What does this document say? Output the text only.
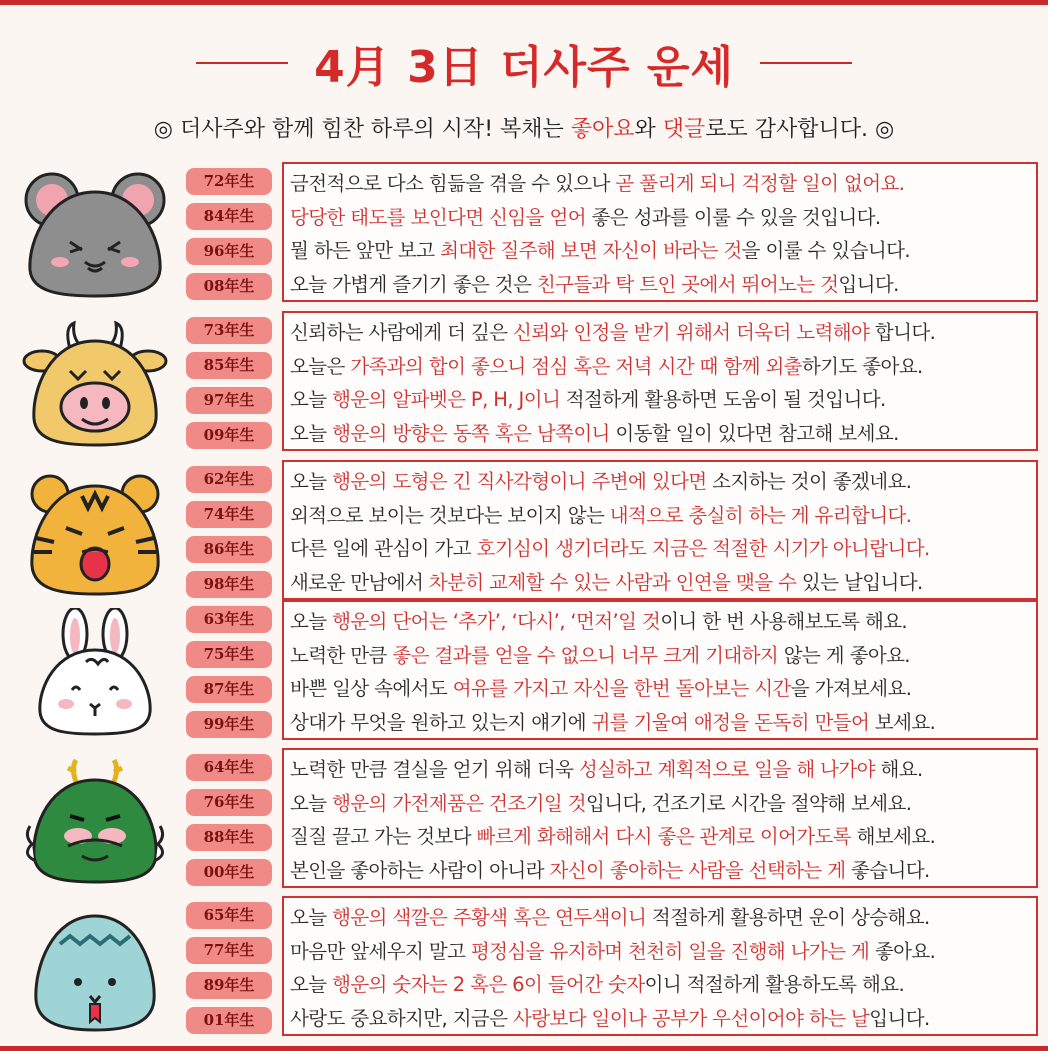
4月 3日 더사주 운세
◎ 더사주와 함께 힘찬 하루의 시작! 복채는 좋아요와 댓글로도 감사합니다. ◎
72年生
84年生
96年生
08年生
금전적으로 다소 힘듦을 겪을 수 있으나 곧 풀리게 되니 걱정할 일이 없어요.
당당한 태도를 보인다면 신임을 얻어 좋은 성과를 이룰 수 있을 것입니다.
뭘 하든 앞만 보고 최대한 질주해 보면 자신이 바라는 것을 이룰 수 있습니다.
오늘 가볍게 즐기기 좋은 것은 친구들과 탁 트인 곳에서 뛰어노는 것입니다.
73年生
85年生
97年生
09年生
신뢰하는 사람에게 더 깊은 신뢰와 인정을 받기 위해서 더욱더 노력해야 합니다.
오늘은 가족과의 합이 좋으니 점심 혹은 저녁 시간 때 함께 외출하기도 좋아요.
오늘 행운의 알파벳은 P, H, J이니 적절하게 활용하면 도움이 될 것입니다.
오늘 행운의 방향은 동쪽 혹은 남쪽이니 이동할 일이 있다면 참고해 보세요.
62年生
74年生
86年生
98年生
오늘 행운의 도형은 긴 직사각형이니 주변에 있다면 소지하는 것이 좋겠네요.
외적으로 보이는 것보다는 보이지 않는 내적으로 충실히 하는 게 유리합니다.
다른 일에 관심이 가고 호기심이 생기더라도 지금은 적절한 시기가 아니랍니다.
새로운 만남에서 차분히 교제할 수 있는 사람과 인연을 맺을 수 있는 날입니다.
63年生
75年生
87年生
99年生
오늘 행운의 단어는 ‘추가’, ‘다시’, ‘먼저’일 것이니 한 번 사용해보도록 해요.
노력한 만큼 좋은 결과를 얻을 수 없으니 너무 크게 기대하지 않는 게 좋아요.
바쁜 일상 속에서도 여유를 가지고 자신을 한번 돌아보는 시간을 가져보세요.
상대가 무엇을 원하고 있는지 얘기에 귀를 기울여 애정을 돈독히 만들어 보세요.
64年生
76年生
88年生
00年生
노력한 만큼 결실을 얻기 위해 더욱 성실하고 계획적으로 일을 해 나가야 해요.
오늘 행운의 가전제품은 건조기일 것입니다, 건조기로 시간을 절약해 보세요.
질질 끌고 가는 것보다 빠르게 화해해서 다시 좋은 관계로 이어가도록 해보세요.
본인을 좋아하는 사람이 아니라 자신이 좋아하는 사람을 선택하는 게 좋습니다.
65年生
77年生
89年生
01年生
오늘 행운의 색깔은 주황색 혹은 연두색이니 적절하게 활용하면 운이 상승해요.
마음만 앞세우지 말고 평정심을 유지하며 천천히 일을 진행해 나가는 게 좋아요.
오늘 행운의 숫자는 2 혹은 6이 들어간 숫자이니 적절하게 활용하도록 해요.
사랑도 중요하지만, 지금은 사랑보다 일이나 공부가 우선이어야 하는 날입니다.
